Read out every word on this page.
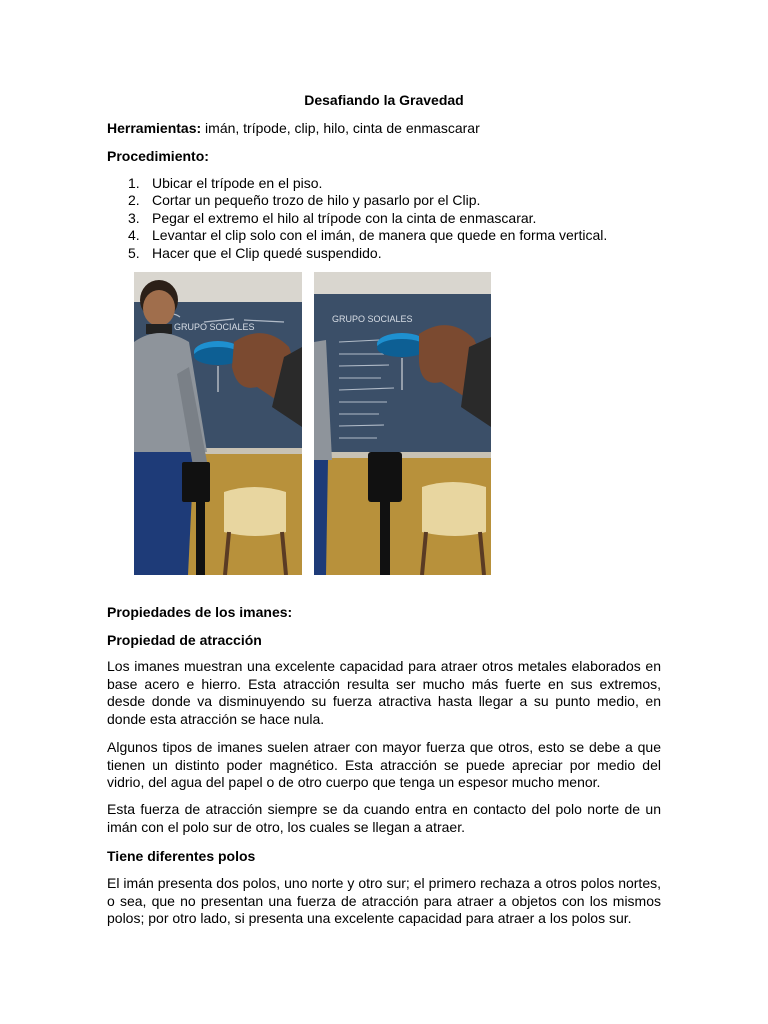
Desafiando la Gravedad
Herramientas: imán, trípode, clip, hilo, cinta de enmascarar
Procedimiento:
1. Ubicar el trípode en el piso.
2. Cortar un pequeño trozo de hilo y pasarlo por el Clip.
3. Pegar el extremo el hilo al trípode con la cinta de enmascarar.
4. Levantar el clip solo con el imán, de manera que quede en forma vertical.
5. Hacer que el Clip quedé suspendido.
GRUPO SOCIALES
GRUPO SOCIALES
Propiedades de los imanes:
Propiedad de atracción
Los imanes muestran una excelente capacidad para atraer otros metales elaborados en base acero e hierro. Esta atracción resulta ser mucho más fuerte en sus extremos, desde donde va disminuyendo su fuerza atractiva hasta llegar a su punto medio, en donde esta atracción se hace nula.
Algunos tipos de imanes suelen atraer con mayor fuerza que otros, esto se debe a que tienen un distinto poder magnético. Esta atracción se puede apreciar por medio del vidrio, del agua del papel o de otro cuerpo que tenga un espesor mucho menor.
Esta fuerza de atracción siempre se da cuando entra en contacto del polo norte de un imán con el polo sur de otro, los cuales se llegan a atraer.
Tiene diferentes polos
El imán presenta dos polos, uno norte y otro sur; el primero rechaza a otros polos nortes, o sea, que no presentan una fuerza de atracción para atraer a objetos con los mismos polos; por otro lado, si presenta una excelente capacidad para atraer a los polos sur.
